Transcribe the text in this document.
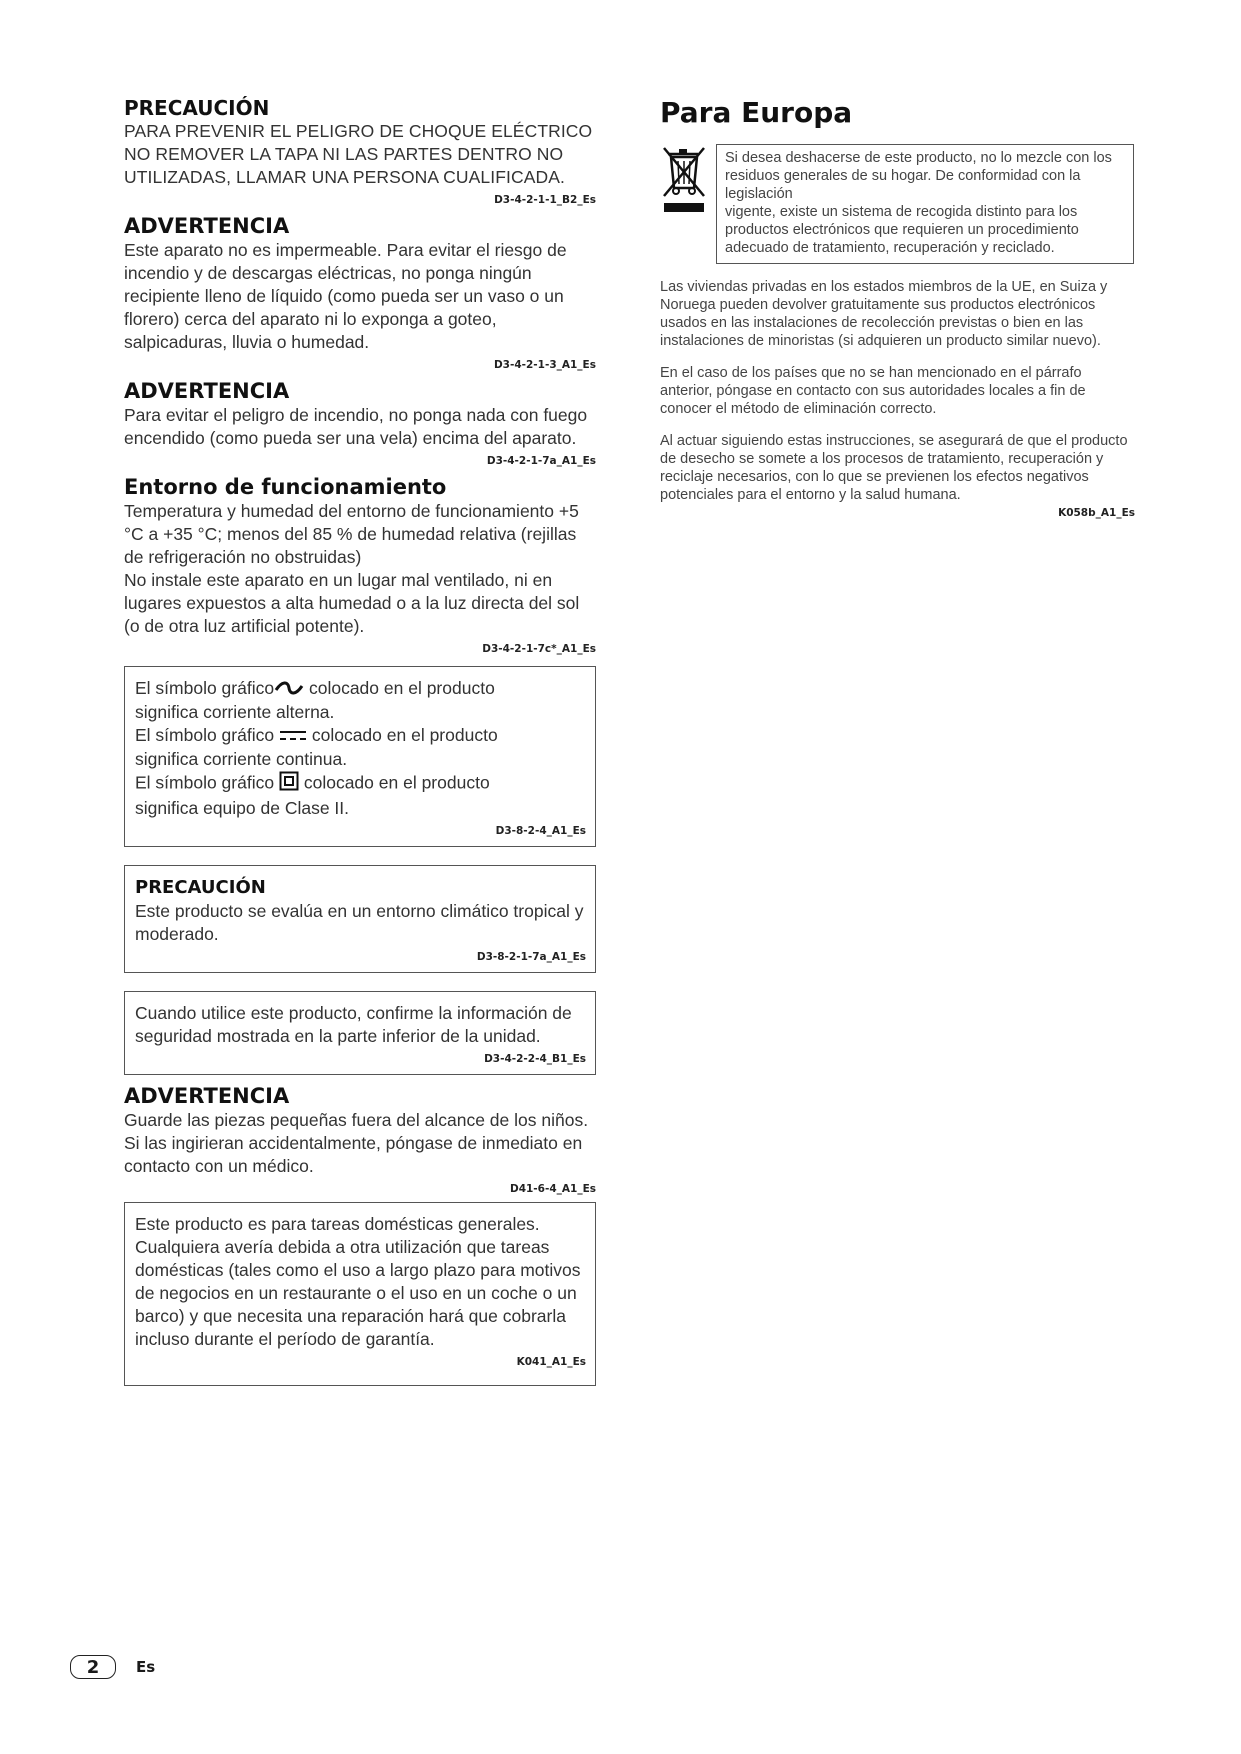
PRECAUCIÓN

PARA PREVENIR EL PELIGRO DE CHOQUE ELÉCTRICO

NO REMOVER LA TAPA NI LAS PARTES DENTRO NO

UTILIZADAS, LLAMAR UNA PERSONA CUALIFICADA.

D3-4-2-1-1_B2_Es

ADVERTENCIA

Este aparato no es impermeable. Para evitar el riesgo de incendio y de descargas eléctricas, no ponga ningún recipiente lleno de líquido (como pueda ser un vaso o un florero) cerca del aparato ni lo exponga a goteo, salpicaduras, lluvia o humedad.

D3-4-2-1-3_A1_Es

ADVERTENCIA

Para evitar el peligro de incendio, no ponga nada con fuego encendido (como pueda ser una vela) encima del aparato.

D3-4-2-1-7a_A1_Es

Entorno de funcionamiento

Temperatura y humedad del entorno de funcionamiento +5 °C a +35 °C; menos del 85 % de humedad relativa (rejillas de refrigeración no obstruidas)

No instale este aparato en un lugar mal ventilado, ni en lugares expuestos a alta humedad o a la luz directa del sol (o de otra luz artificial potente).

D3-4-2-1-7c*_A1_Es

El símbolo gráfico colocado en el producto

significa corriente alterna.

El símbolo gráfico colocado en el producto

significa corriente continua.

El símbolo gráfico colocado en el producto

significa equipo de Clase II.

D3-8-2-4_A1_Es

PRECAUCIÓN

Este producto se evalúa en un entorno climático tropical y moderado.

D3-8-2-1-7a_A1_Es

Cuando utilice este producto, confirme la información de seguridad mostrada en la parte inferior de la unidad.

D3-4-2-2-4_B1_Es

ADVERTENCIA

Guarde las piezas pequeñas fuera del alcance de los niños. Si las ingirieran accidentalmente, póngase de inmediato en contacto con un médico.

D41-6-4_A1_Es

Este producto es para tareas domésticas generales. Cualquiera avería debida a otra utilización que tareas domésticas (tales como el uso a largo plazo para motivos de negocios en un restaurante o el uso en un coche o un barco) y que necesita una reparación hará que cobrarla incluso durante el período de garantía.

K041_A1_Es

Para Europa

Si desea deshacerse de este producto, no lo mezcle con los residuos generales de su hogar. De conformidad con la legislación

vigente, existe un sistema de recogida distinto para los productos electrónicos que requieren un procedimiento adecuado de tratamiento, recuperación y reciclado.

Las viviendas privadas en los estados miembros de la UE, en Suiza y Noruega pueden devolver gratuitamente sus productos electrónicos usados en las instalaciones de recolección previstas o bien en las instalaciones de minoristas (si adquieren un producto similar nuevo).

En el caso de los países que no se han mencionado en el párrafo anterior, póngase en contacto con sus autoridades locales a fin de conocer el método de eliminación correcto.

Al actuar siguiendo estas instrucciones, se asegurará de que el producto de desecho se somete a los procesos de tratamiento, recuperación y reciclaje necesarios, con lo que se previenen los efectos negativos potenciales para el entorno y la salud humana.

K058b_A1_Es

2	Es
